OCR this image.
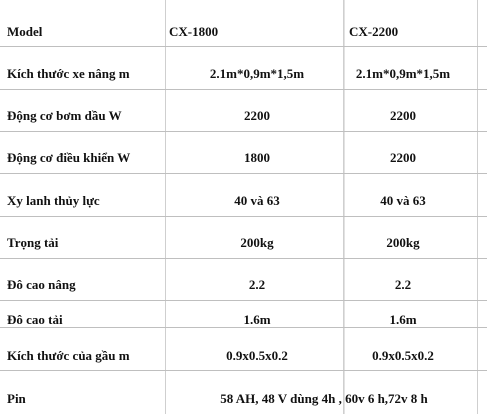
Model	CX-1800	CX-2200
Kích thước xe nâng m	2.1m*0,9m*1,5m	2.1m*0,9m*1,5m
Động cơ bơm dầu W	2200	2200
Động cơ điều khiển W	1800	2200
Xy lanh thủy lực	40 và 63	40 và 63
Trọng tải	200kg	200kg
Đô cao nâng	2.2	2.2
Đô cao tải	1.6m	1.6m
Kích thước của gầu m	0.9x0.5x0.2	0.9x0.5x0.2
Pin	58 AH, 48 V dùng 4h , 60v 6 h,72v 8 h
